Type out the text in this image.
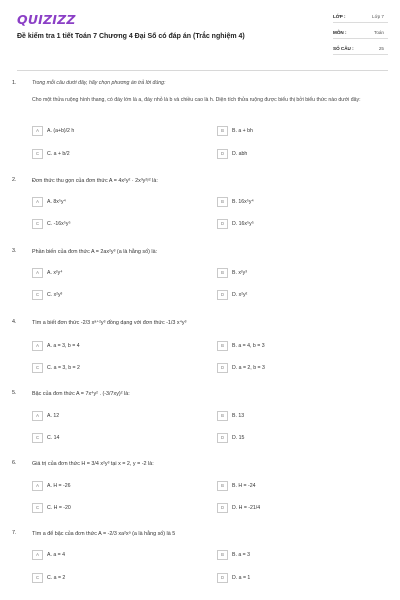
QUIZIZZ
Đề kiểm tra 1 tiết Toán 7 Chương 4 Đại Số có đáp án (Trắc nghiệm 4)
LỚP :	Lớp 7
MÔN :	Toán
SỐ CÂU :	25
1.	Trong mỗi câu dưới đây, hãy chọn phương án trả lời đúng:
Cho một thửa ruộng hình thang, có đáy lớn là a, đáy nhỏ là b và chiều cao là h. Diện tích thửa ruộng được biểu thị bởi biểu thức nào dưới đây:
A	A. (a+b)/2 h	B	B. a + bh
C	C. a + b/2	D	D. abh
2.	Đơn thức thu gọn của đơn thức A = 4x²y² · 2x³y²ʸ² là:
A	A. 8x⁵y⁴	B	B. 16x⁵y⁴
C	C. -16x⁵y⁵	D	D. 16x⁵y⁵
3.	Phần biến của đơn thức A = 2ax²y³ (a là hằng số) là:
A	A. x²y⁴	B	B. x²y³
C	C. x²y³	D	D. x²y²
4.	Tìm a biết đơn thức -2/3 xᵃ⁺²y³ đồng dạng với đơn thức -1/3 x⁴y³
A	A. a = 3, b = 4	B	B. a = 4, b = 3
C	C. a = 3, b = 2	D	D. a = 2, b = 3
5.	Bậc của đơn thức A = 7x⁴y² . (-3/7xy)² là:
A	A. 12	B	B. 13
C	C. 14	D	D. 15
6.	Giá trị của đơn thức H = 3/4 x²y³ tại x = 2, y = -2 là:
A	A. H = -26	B	B. H = -24
C	C. H = -20	D	D. H = -21/4
7.	Tìm a để bậc của đơn thức A = -2/3 xa²xᵃ (a là hằng số) là 5
A	A. a = 4	B	B. a = 3
C	C. a = 2	D	D. a = 1
